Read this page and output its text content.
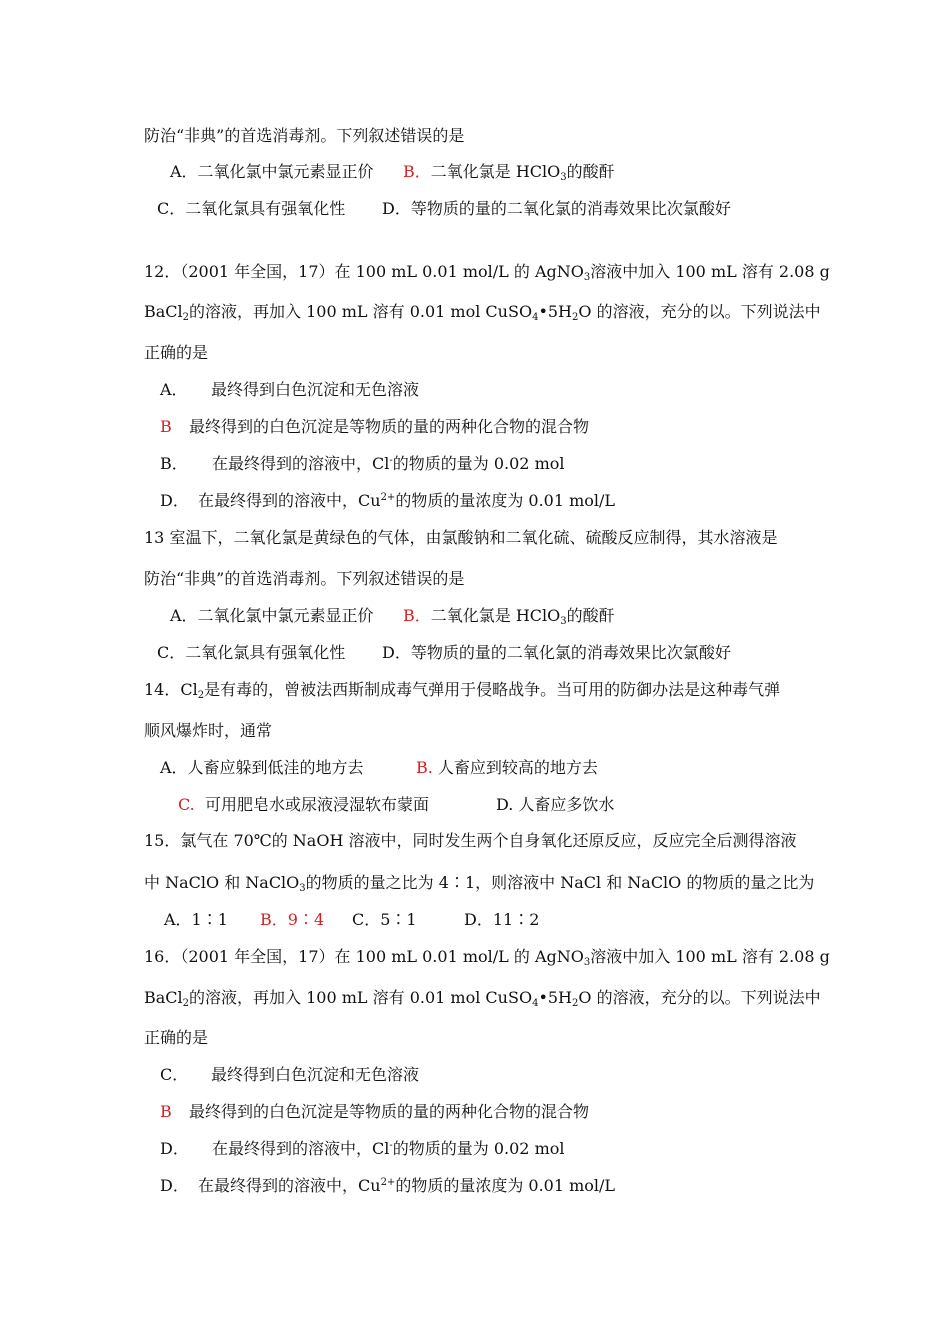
防治“非典”的首选消毒剂。下列叙述错误的是
A．二氧化氯中氯元素显正价 B．二氧化氯是 HClO$_3$的酸酐
C．二氧化氯具有强氧化性 D．等物质的量的二氧化氯的消毒效果比次氯酸好
12．（2001 年全国，17）在 100 mL 0.01 mol/L 的 AgNO$_3$溶液中加入 100 mL 溶有 2.08 g
BaCl$_2$的溶液，再加入 100 mL 溶有 0.01 mol $CuSO_4•5H_2O$ 的溶液，充分的以。下列说法中
正确的是
A． 最终得到白色沉淀和无色溶液
B 最终得到的白色沉淀是等物质的量的两种化合物的混合物
B． 在最终得到的溶液中，Cl-的物质的量为 0.02 mol
D． 在最终得到的溶液中，$Cu^{2+}$的物质的量浓度为 0.01 mol/L
13 室温下，二氧化氯是黄绿色的气体，由氯酸钠和二氧化硫、硫酸反应制得，其水溶液是
防治“非典”的首选消毒剂。下列叙述错误的是
A．二氧化氯中氯元素显正价 B．二氧化氯是 HClO$_3$的酸酐
C．二氧化氯具有强氧化性 D．等物质的量的二氧化氯的消毒效果比次氯酸好
14．$Cl_2$是有毒的，曾被法西斯制成毒气弹用于侵略战争。当可用的防御办法是这种毒气弹
顺风爆炸时，通常
A．人畜应躲到低洼的地方去	B. 人畜应到较高的地方去
C.  可用肥皂水或尿液浸湿软布蒙面	D. 人畜应多饮水
15．氯气在 70℃的 NaOH 溶液中，同时发生两个自身氧化还原反应，反应完全后测得溶液
中 NaClO 和 NaClO$_3$的物质的量之比为 4∶1，则溶液中 NaCl 和 NaClO 的物质的量之比为
A．1∶1 B．9∶4 C．5∶1	D．11∶2
16．（2001 年全国，17）在 100 mL 0.01 mol/L 的 AgNO$_3$溶液中加入 100 mL 溶有 2.08 g
BaCl$_2$的溶液，再加入 100 mL 溶有 0.01 mol $CuSO_4•5H_2O$ 的溶液，充分的以。下列说法中
正确的是
C． 最终得到白色沉淀和无色溶液
B 最终得到的白色沉淀是等物质的量的两种化合物的混合物
D． 在最终得到的溶液中，Cl-的物质的量为 0.02 mol
D． 在最终得到的溶液中，$Cu^{2+}$的物质的量浓度为 0.01 mol/L
